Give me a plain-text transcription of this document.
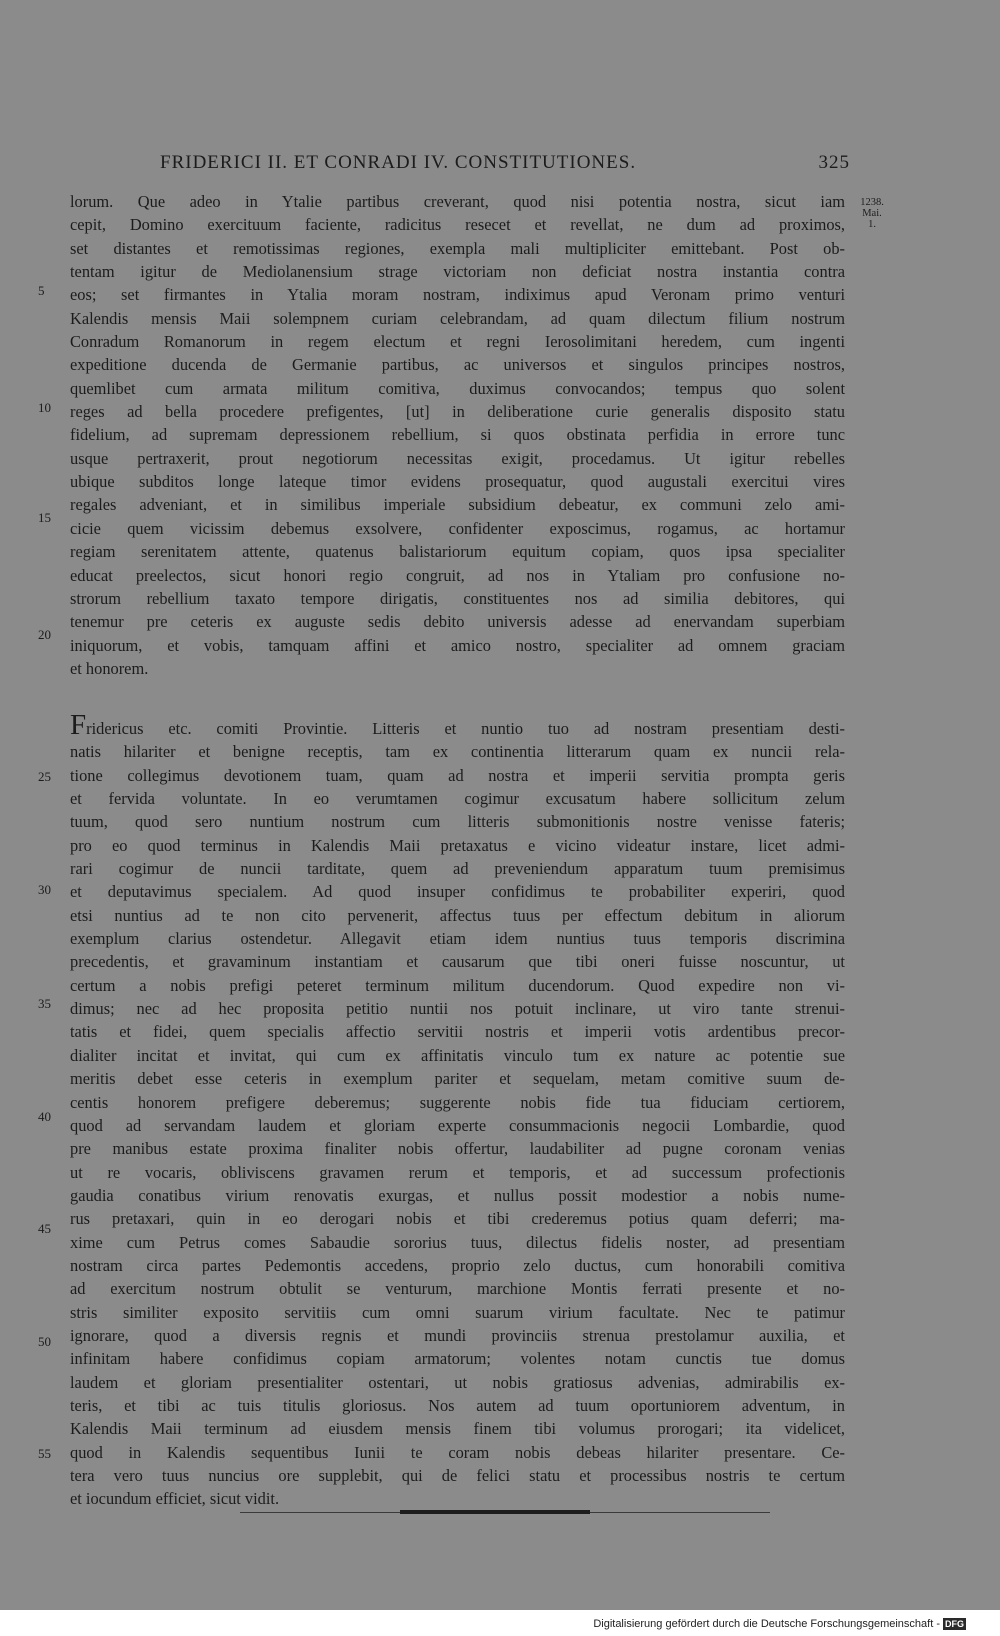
FRIDERICI II. ET CONRADI IV. CONSTITUTIONES.	325
1238.
Mai.
1.
lorum. Que adeo in Ytalie partibus creverant, quod nisi potentia nostra, sicut iam
cepit, Domino exercituum faciente, radicitus resecet et revellat, ne dum ad proximos,
set distantes et remotissimas regiones, exempla mali multipliciter emittebant. Post ob-
tentam igitur de Mediolanensium strage victoriam non deficiat nostra instantia contra
eos; set firmantes in Ytalia moram nostram, indiximus apud Veronam primo venturi
Kalendis mensis Maii solempnem curiam celebrandam, ad quam dilectum filium nostrum
Conradum Romanorum in regem electum et regni Ierosolimitani heredem, cum ingenti
expeditione ducenda de Germanie partibus, ac universos et singulos principes nostros,
quemlibet cum armata militum comitiva, duximus convocandos; tempus quo solent
reges ad bella procedere prefigentes, [ut] in deliberatione curie generalis disposito statu
fidelium, ad supremam depressionem rebellium, si quos obstinata perfidia in errore tunc
usque pertraxerit, prout negotiorum necessitas exigit, procedamus. Ut igitur rebelles
ubique subditos longe lateque timor evidens prosequatur, quod augustali exercitui vires
regales adveniant, et in similibus imperiale subsidium debeatur, ex communi zelo ami-
cicie quem vicissim debemus exsolvere, confidenter exposcimus, rogamus, ac hortamur
regiam serenitatem attente, quatenus balistariorum equitum copiam, quos ipsa specialiter
educat preelectos, sicut honori regio congruit, ad nos in Ytaliam pro confusione no-
strorum rebellium taxato tempore dirigatis, constituentes nos ad similia debitores, qui
tenemur pre ceteris ex auguste sedis debito universis adesse ad enervandam superbiam
iniquorum, et vobis, tamquam affini et amico nostro, specialiter ad omnem graciam
et honorem.
Fridericus etc. comiti Provintie. Litteris et nuntio tuo ad nostram presentiam desti-
natis hilariter et benigne receptis, tam ex continentia litterarum quam ex nuncii rela-
tione collegimus devotionem tuam, quam ad nostra et imperii servitia prompta geris
et fervida voluntate. In eo verumtamen cogimur excusatum habere sollicitum zelum
tuum, quod sero nuntium nostrum cum litteris submonitionis nostre venisse fateris;
pro eo quod terminus in Kalendis Maii pretaxatus e vicino videatur instare, licet admi-
rari cogimur de nuncii tarditate, quem ad preveniendum apparatum tuum premisimus
et deputavimus specialem. Ad quod insuper confidimus te probabiliter experiri, quod
etsi nuntius ad te non cito pervenerit, affectus tuus per effectum debitum in aliorum
exemplum clarius ostendetur. Allegavit etiam idem nuntius tuus temporis discrimina
precedentis, et gravaminum instantiam et causarum que tibi oneri fuisse noscuntur, ut
certum a nobis prefigi peteret terminum militum ducendorum. Quod expedire non vi-
dimus; nec ad hec proposita petitio nuntii nos potuit inclinare, ut viro tante strenui-
tatis et fidei, quem specialis affectio servitii nostris et imperii votis ardentibus precor-
dialiter incitat et invitat, qui cum ex affinitatis vinculo tum ex nature ac potentie sue
meritis debet esse ceteris in exemplum pariter et sequelam, metam comitive suum de-
centis honorem prefigere deberemus; suggerente nobis fide tua fiduciam certiorem,
quod ad servandam laudem et gloriam experte consummacionis negocii Lombardie, quod
pre manibus estate proxima finaliter nobis offertur, laudabiliter ad pugne coronam venias
ut re vocaris, obliviscens gravamen rerum et temporis, et ad successum profectionis
gaudia conatibus virium renovatis exurgas, et nullus possit modestior a nobis nume-
rus pretaxari, quin in eo derogari nobis et tibi crederemus potius quam deferri; ma-
xime cum Petrus comes Sabaudie sororius tuus, dilectus fidelis noster, ad presentiam
nostram circa partes Pedemontis accedens, proprio zelo ductus, cum honorabili comitiva
ad exercitum nostrum obtulit se venturum, marchione Montis ferrati presente et no-
stris similiter exposito servitiis cum omni suarum virium facultate. Nec te patimur
ignorare, quod a diversis regnis et mundi provinciis strenua prestolamur auxilia, et
infinitam habere confidimus copiam armatorum; volentes notam cunctis tue domus
laudem et gloriam presentialiter ostentari, ut nobis gratiosus advenias, admirabilis ex-
teris, et tibi ac tuis titulis gloriosus. Nos autem ad tuum oportuniorem adventum, in
Kalendis Maii terminum ad eiusdem mensis finem tibi volumus prorogari; ita videlicet,
quod in Kalendis sequentibus Iunii te coram nobis debeas hilariter presentare. Ce-
tera vero tuus nuncius ore supplebit, qui de felici statu et processibus nostris te certum
et iocundum efficiet, sicut vidit.
5
10
15
20
25
30
35
40
45
50
55
Digitalisierung gefördert durch die Deutsche Forschungsgemeinschaft - DFG
